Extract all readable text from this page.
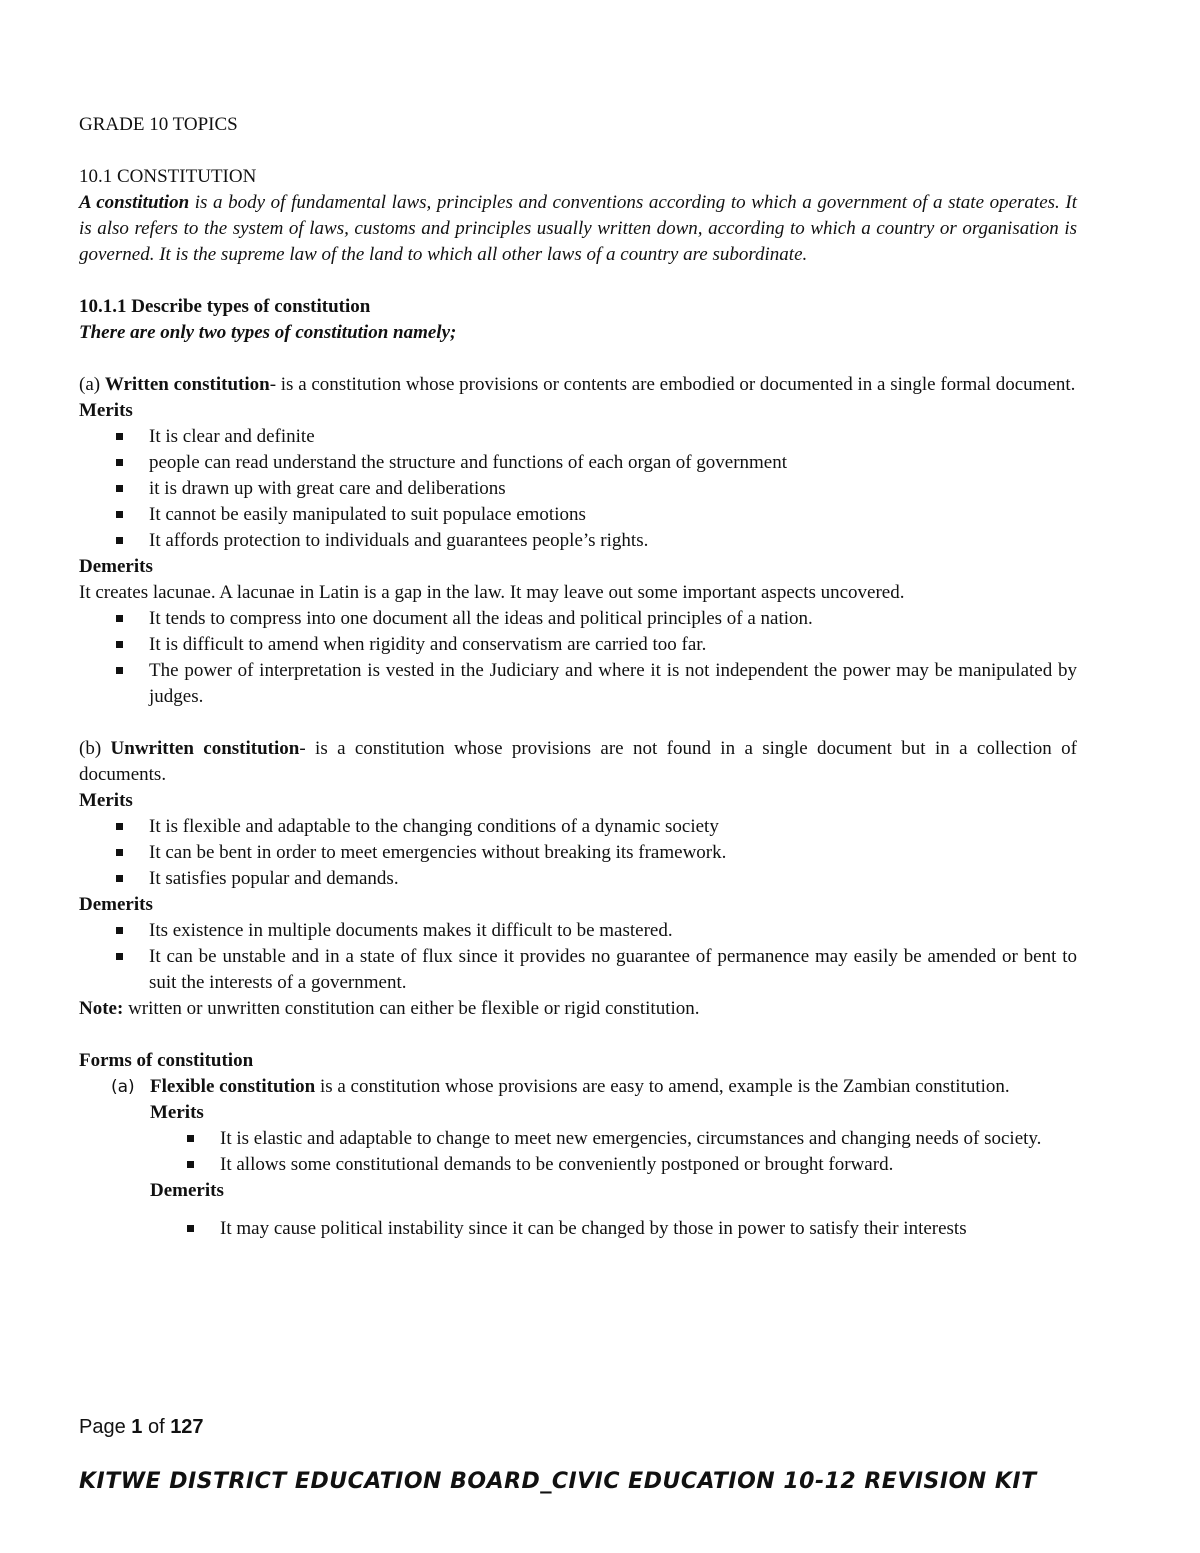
GRADE 10 TOPICS

10.1 CONSTITUTION

A constitution is a body of fundamental laws, principles and conventions according to which a government of a state operates. It is also refers to the system of laws, customs and principles usually written down, according to which a country or organisation is governed. It is the supreme law of the land to which all other laws of a country are subordinate.

10.1.1 Describe types of constitution

There are only two types of constitution namely;

(a) Written constitution- is a constitution whose provisions or contents are embodied or documented in a single formal document.

Merits

It is clear and definite
people can read understand the structure and functions of each organ of government
it is drawn up with great care and deliberations
It cannot be easily manipulated to suit populace emotions
It affords protection to individuals and guarantees people’s rights.

Demerits

It creates lacunae. A lacunae in Latin is a gap in the law. It may leave out some important aspects uncovered.

It tends to compress into one document all the ideas and political principles of a nation.
It is difficult to amend when rigidity and conservatism are carried too far.
The power of interpretation is vested in the Judiciary and where it is not independent the power may be manipulated by judges.

(b) Unwritten constitution- is a constitution whose provisions are not found in a single document but in a collection of documents.

Merits

It is flexible and adaptable to the changing conditions of a dynamic society
It can be bent in order to meet emergencies without breaking its framework.
It satisfies popular and demands.

Demerits

Its existence in multiple documents makes it difficult to be mastered.
It can be unstable and in a state of flux since it provides no guarantee of permanence may easily be amended or bent to suit the interests of a government.

Note: written or unwritten constitution can either be flexible or rigid constitution.

Forms of constitution

(a) Flexible constitution is a constitution whose provisions are easy to amend, example is the Zambian constitution.

Merits

It is elastic and adaptable to change to meet new emergencies, circumstances and changing needs of society.
It allows some constitutional demands to be conveniently postponed or brought forward.

Demerits

It may cause political instability since it can be changed by those in power to satisfy their interests

Page 1 of 127

KITWE DISTRICT EDUCATION BOARD_CIVIC EDUCATION 10-12 REVISION KIT
